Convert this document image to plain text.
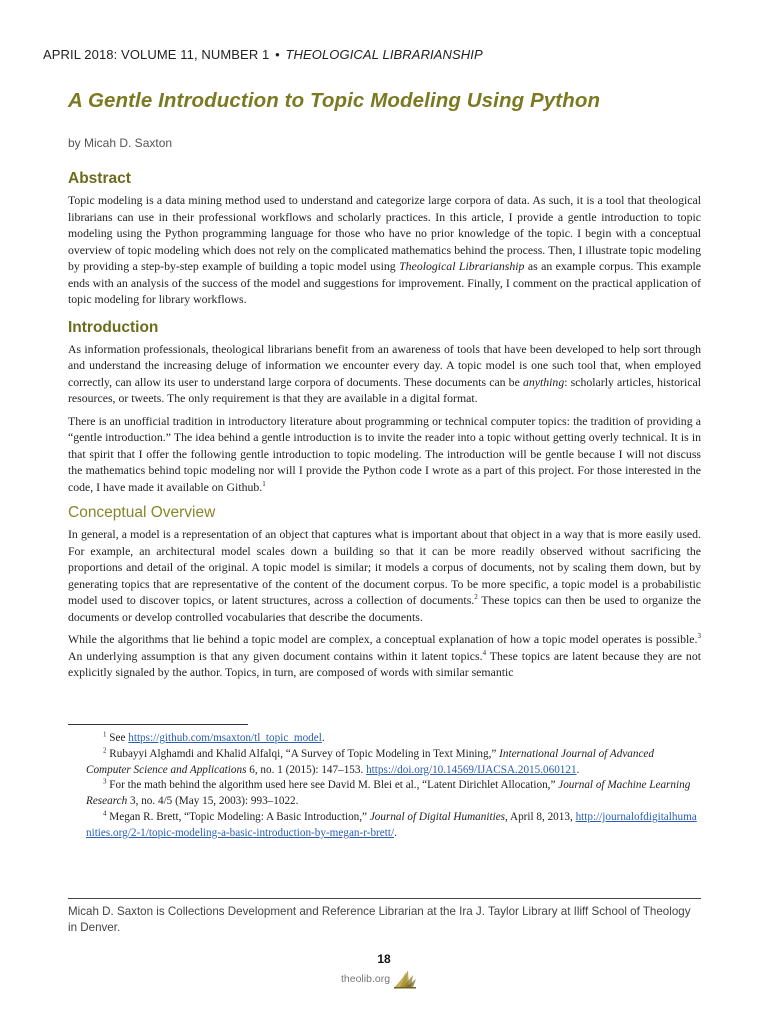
APRIL 2018: VOLUME 11, NUMBER 1 • THEOLOGICAL LIBRARIANSHIP
A Gentle Introduction to Topic Modeling Using Python
by Micah D. Saxton
Abstract

Topic modeling is a data mining method used to understand and categorize large corpora of data. As such, it is a tool that theological librarians can use in their professional workflows and scholarly practices. In this article, I provide a gentle introduction to topic modeling using the Python programming language for those who have no prior knowledge of the topic. I begin with a conceptual overview of topic modeling which does not rely on the complicated mathematics behind the process. Then, I illustrate topic modeling by providing a step-by-step example of building a topic model using Theological Librarianship as an example corpus. This example ends with an analysis of the success of the model and suggestions for improvement. Finally, I comment on the practical application of topic modeling for library workflows.

Introduction

As information professionals, theological librarians benefit from an awareness of tools that have been developed to help sort through and understand the increasing deluge of information we encounter every day. A topic model is one such tool that, when employed correctly, can allow its user to understand large corpora of documents. These documents can be anything: scholarly articles, historical resources, or tweets. The only requirement is that they are available in a digital format.

There is an unofficial tradition in introductory literature about programming or technical computer topics: the tradition of providing a “gentle introduction.” The idea behind a gentle introduction is to invite the reader into a topic without getting overly technical. It is in that spirit that I offer the following gentle introduction to topic modeling. The introduction will be gentle because I will not discuss the mathematics behind topic modeling nor will I provide the Python code I wrote as a part of this project. For those interested in the code, I have made it available on Github.$^1$

Conceptual Overview

In general, a model is a representation of an object that captures what is important about that object in a way that is more easily used. For example, an architectural model scales down a building so that it can be more readily observed without sacrificing the proportions and detail of the original. A topic model is similar; it models a corpus of documents, not by scaling them down, but by generating topics that are representative of the content of the document corpus. To be more specific, a topic model is a probabilistic model used to discover topics, or latent structures, across a collection of documents.$^2$ These topics can then be used to organize the documents or develop controlled vocabularies that describe the documents.

While the algorithms that lie behind a topic model are complex, a conceptual explanation of how a topic model operates is possible.$^3$ An underlying assumption is that any given document contains within it latent topics.$^4$ These topics are latent because they are not explicitly signaled by the author. Topics, in turn, are composed of words with similar semantic

$^1$ See https://github.com/msaxton/tl_topic_model.

$^2$ Rubayyi Alghamdi and Khalid Alfalqi, “A Survey of Topic Modeling in Text Mining,” International Journal of Advanced Computer Science and Applications 6, no. 1 (2015): 147–153. https://doi.org/10.14569/IJACSA.2015.060121.

$^3$ For the math behind the algorithm used here see David M. Blei et al., “Latent Dirichlet Allocation,” Journal of Machine Learning Research 3, no. 4/5 (May 15, 2003): 993–1022.

$^4$ Megan R. Brett, “Topic Modeling: A Basic Introduction,” Journal of Digital Humanities, April 8, 2013, http://journalofdigitalhumanities.org/2-1/topic-modeling-a-basic-introduction-by-megan-r-brett/.

Micah D. Saxton is Collections Development and Reference Librarian at the Ira J. Taylor Library at Iliff School of Theology in Denver.

18
theolib.org
